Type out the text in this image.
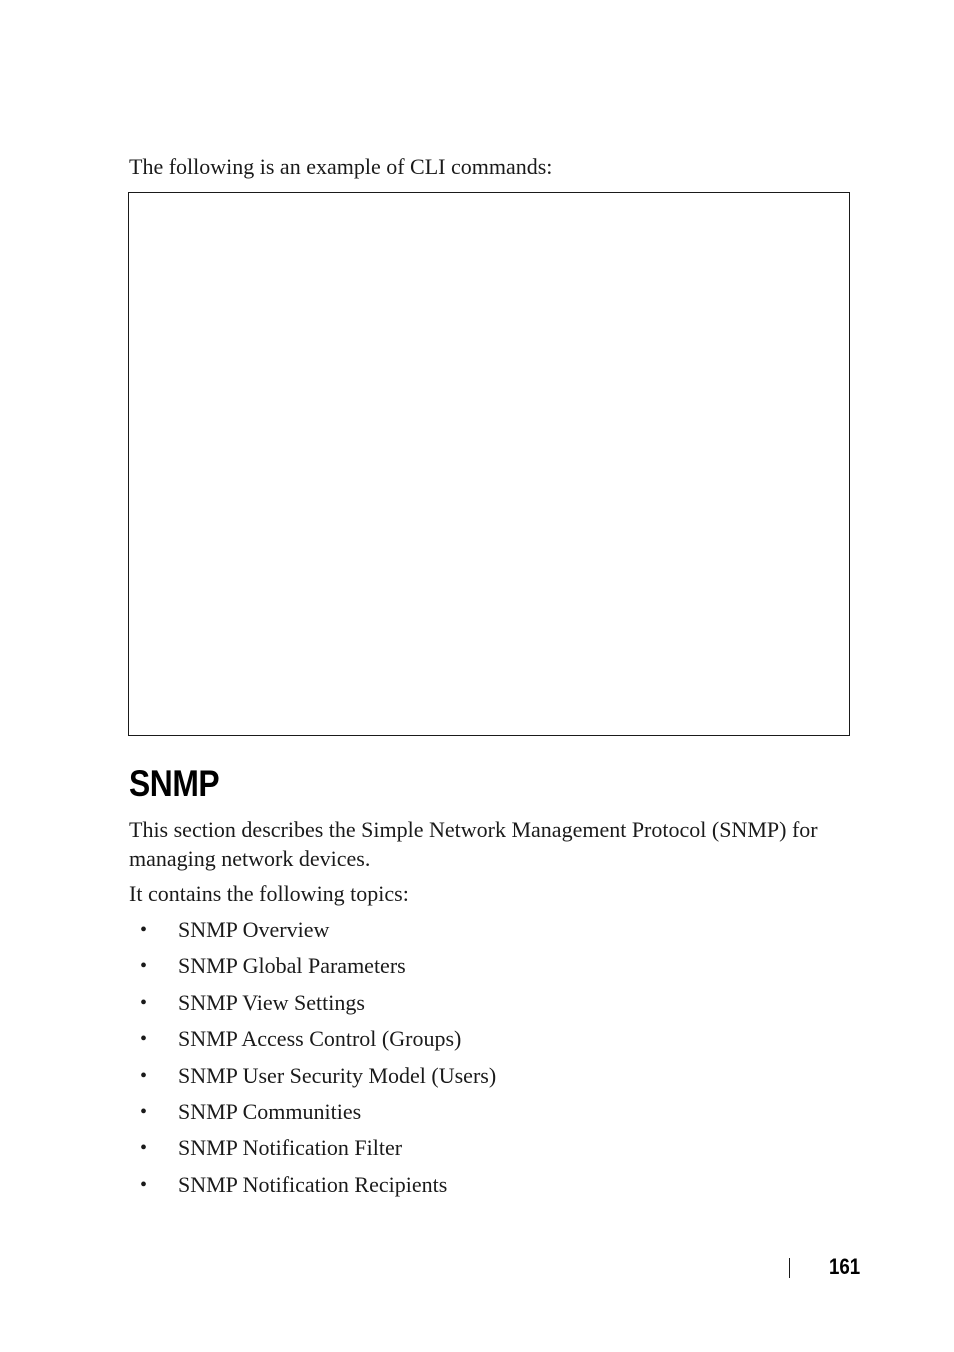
The following is an example of CLI commands:

SNMP

This section describes the Simple Network Management Protocol (SNMP) for managing network devices.

It contains the following topics:

• SNMP Overview
• SNMP Global Parameters
• SNMP View Settings
• SNMP Access Control (Groups)
• SNMP User Security Model (Users)
• SNMP Communities
• SNMP Notification Filter
• SNMP Notification Recipients
161
